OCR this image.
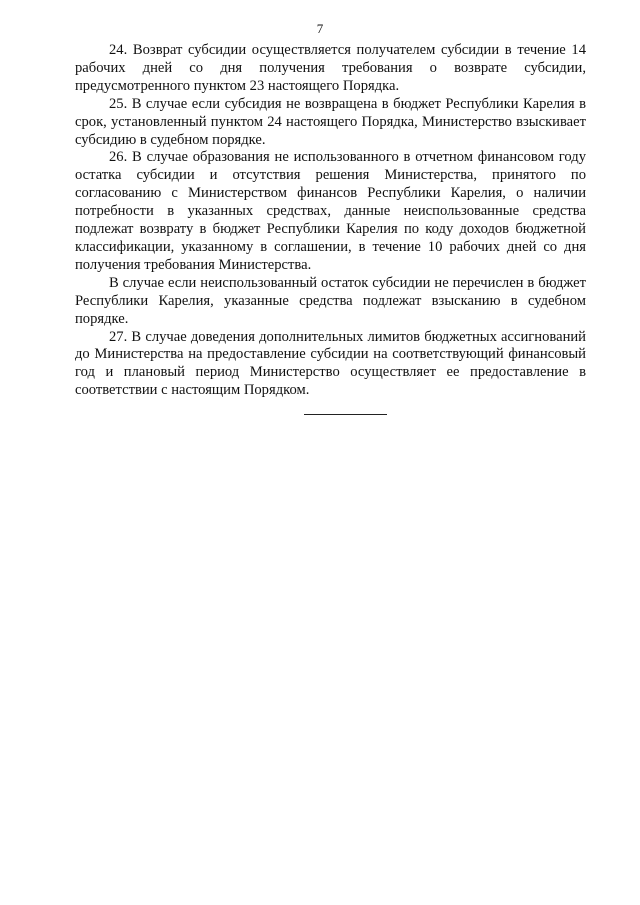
7

24. Возврат субсидии осуществляется получателем субсидии в течение 14 рабочих дней со дня получения требования о возврате субсидии, предусмотренного пунктом 23 настоящего Порядка.

25. В случае если субсидия не возвращена в бюджет Республики Карелия в срок, установленный пунктом 24 настоящего Порядка, Министерство взыскивает субсидию в судебном порядке.

26. В случае образования не использованного в отчетном финансовом году остатка субсидии и отсутствия решения Министерства, принятого по согласованию с Министерством финансов Республики Карелия, о наличии потребности в указанных средствах, данные неиспользованные средства подлежат возврату в бюджет Республики Карелия по коду доходов бюджетной классификации, указанному в соглашении, в течение 10 рабочих дней со дня получения требования Министерства.

В случае если неиспользованный остаток субсидии не перечислен в бюджет Республики Карелия, указанные средства подлежат взысканию в судебном порядке.

27. В случае доведения дополнительных лимитов бюджетных ассигнований до Министерства на предоставление субсидии на соответствующий финансовый год и плановый период Министерство осуществляет ее предоставление в соответствии с настоящим Порядком.
